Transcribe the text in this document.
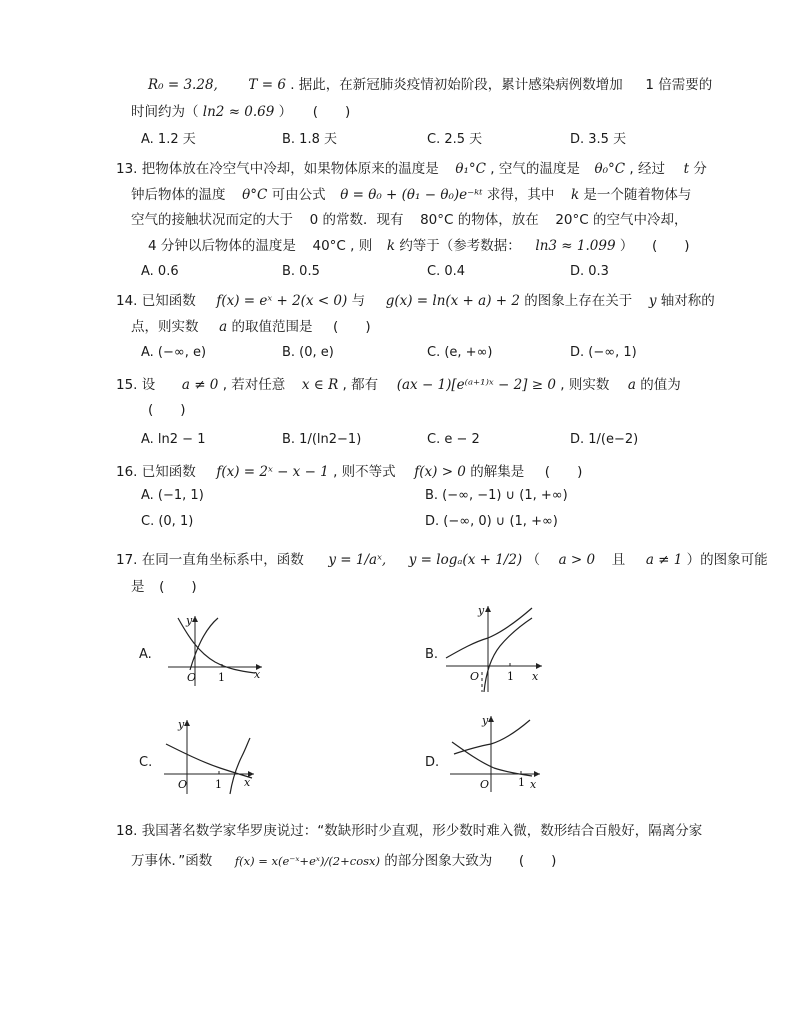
R₀ = 3.28, T = 6 . 据此，在新冠肺炎疫情初始阶段，累计感染病例数增加 1 倍需要的
时间约为（ ln2 ≈ 0.69 ） (　　)
A. 1.2 天	B. 1.8 天	C. 2.5 天	D. 3.5 天
13. 把物体放在冷空气中冷却，如果物体原来的温度是 θ₁°C , 空气的温度是 θ₀°C , 经过 t 分
钟后物体的温度 θ°C 可由公式 θ = θ₀ + (θ₁ − θ₀)e⁻ᵏᵗ 求得，其中 k 是一个随着物体与
空气的接触状况而定的大于 0 的常数．现有 80°C 的物体，放在 20°C 的空气中冷却，
4 分钟以后物体的温度是 40°C , 则 k 约等于（参考数据： ln3 ≈ 1.099 ） (　　)
A. 0.6	B. 0.5	C. 0.4	D. 0.3
14. 已知函数 f(x) = eˣ + 2(x < 0) 与 g(x) = ln(x + a) + 2 的图象上存在关于 y 轴对称的
点，则实数 a 的取值范围是 (　　)
A. (−∞, e)	B. (0, e)	C. (e, +∞)	D. (−∞, 1)
15. 设 a ≠ 0 , 若对任意 x ∈ R , 都有 (ax − 1)[e⁽ᵃ⁺¹⁾ˣ − 2] ≥ 0 , 则实数 a 的值为
(　　)
A. ln2 − 1	B. 1/(ln2−1)	C. e − 2	D. 1/(e−2)
16. 已知函数 f(x) = 2ˣ − x − 1 , 则不等式 f(x) > 0 的解集是 (　　)
A. (−1, 1)	B. (−∞, −1) ∪ (1, +∞)
C. (0, 1)	D. (−∞, 0) ∪ (1, +∞)
17. 在同一直角坐标系中，函数 y = 1/aˣ, y = logₐ(x + 1/2) （ a > 0 且 a ≠ 1 ）的图象可能
是 (　　)
A.
O 1	x
y
B.
O	1 x
y
C.
O	1 x
y
D.
O	1 x
y
18. 我国著名数学家华罗庚说过：“数缺形时少直观，形少数时难入微，数形结合百般好，隔离分家
万事休．”函数 f(x) = x(e⁻ˣ+eˣ)/(2+cosx) 的部分图象大致为 (　　)
